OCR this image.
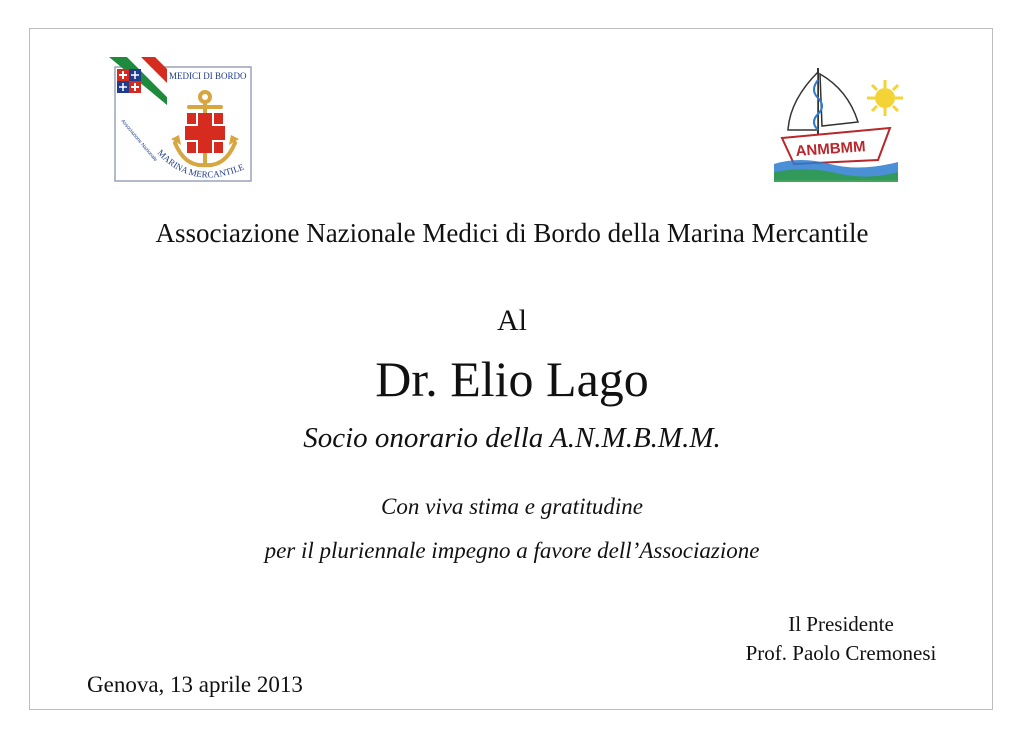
MEDICI DI BORDO
Associazione Nazionale
MARINA MERCANTILE
ANMBMM
Associazione Nazionale Medici di Bordo della Marina Mercantile
Al
Dr. Elio Lago
Socio onorario della A.N.M.B.M.M.
Con viva stima e gratitudine
per il pluriennale impegno a favore dell’Associazione
Il Presidente
Prof. Paolo Cremonesi
Genova, 13 aprile 2013
